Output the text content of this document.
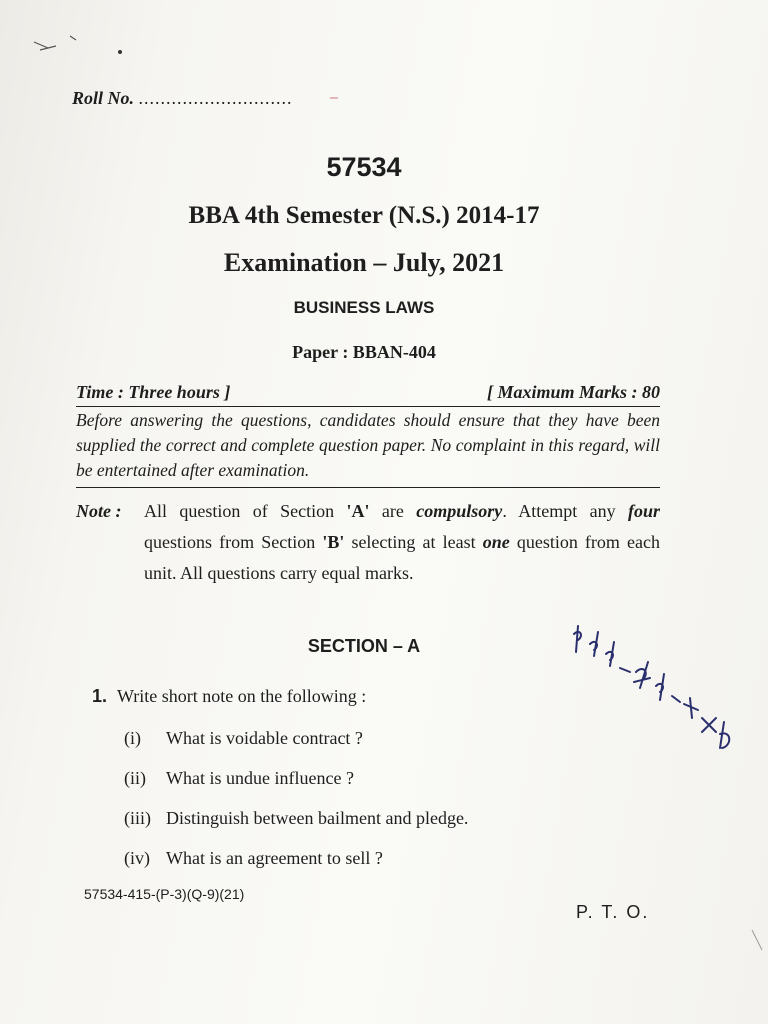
Roll No. ............................
57534
BBA 4th Semester (N.S.) 2014-17
Examination – July, 2021
BUSINESS LAWS
Paper : BBAN-404
Time : Three hours ]	[ Maximum Marks : 80
Before answering the questions, candidates should ensure that they have been supplied the correct and complete question paper. No complaint in this regard, will be entertained after examination.
Note : All question of Section 'A' are compulsory. Attempt any four questions from Section 'B' selecting at least one question from each unit. All questions carry equal marks.
SECTION – A
1. Write short note on the following :
(i) What is voidable contract ?
(ii) What is undue influence ?
(iii) Distinguish between bailment and pledge.
(iv) What is an agreement to sell ?
57534-415-(P-3)(Q-9)(21)
P. T. O.
